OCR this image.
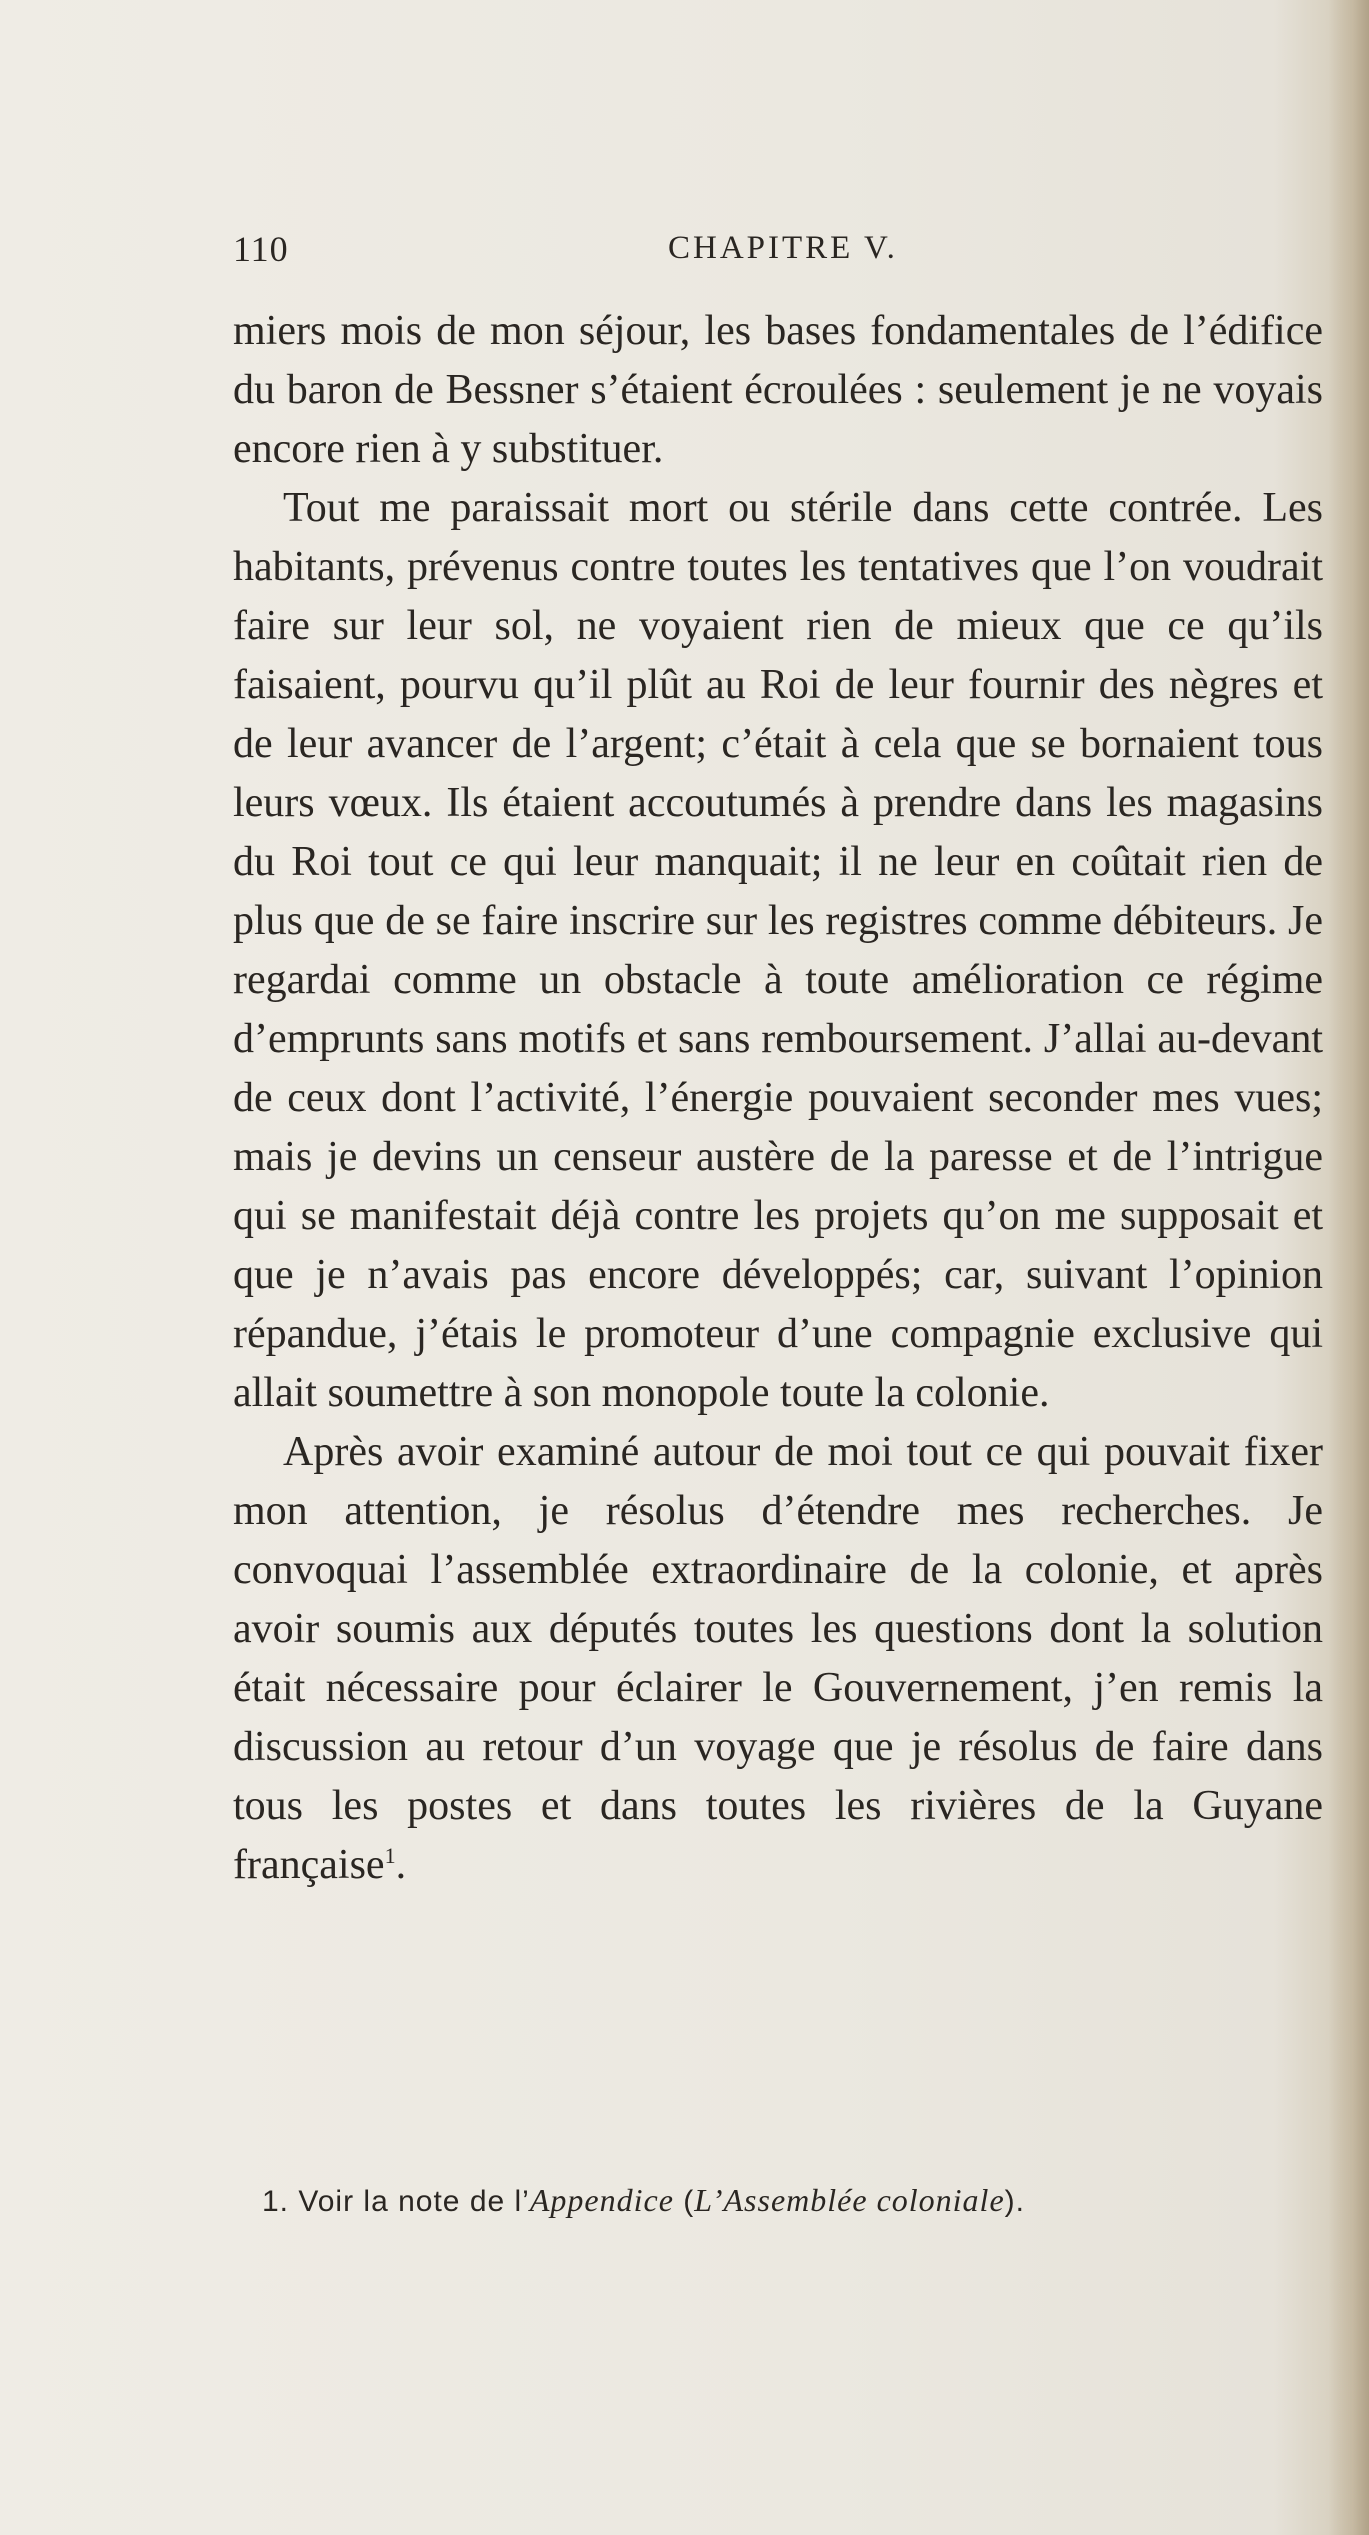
110	CHAPITRE V.

miers mois de mon séjour, les bases fondamentales de l’édifice du baron de Bessner s’étaient écroulées : seulement je ne voyais encore rien à y substituer.

Tout me paraissait mort ou stérile dans cette contrée. Les habitants, prévenus contre toutes les tentatives que l’on voudrait faire sur leur sol, ne voyaient rien de mieux que ce qu’ils faisaient, pourvu qu’il plût au Roi de leur fournir des nègres et de leur avancer de l’argent; c’était à cela que se bornaient tous leurs vœux. Ils étaient accoutumés à prendre dans les magasins du Roi tout ce qui leur manquait; il ne leur en coûtait rien de plus que de se faire inscrire sur les registres comme débiteurs. Je regardai comme un obstacle à toute amélioration ce régime d’emprunts sans motifs et sans remboursement. J’allai au-devant de ceux dont l’activité, l’énergie pouvaient seconder mes vues; mais je devins un censeur austère de la paresse et de l’intrigue qui se manifestait déjà contre les projets qu’on me supposait et que je n’avais pas encore développés; car, suivant l’opinion répandue, j’étais le promoteur d’une compagnie exclusive qui allait soumettre à son monopole toute la colonie.

Après avoir examiné autour de moi tout ce qui pouvait fixer mon attention, je résolus d’étendre mes recherches. Je convoquai l’assemblée extraordinaire de la colonie, et après avoir soumis aux députés toutes les questions dont la solution était nécessaire pour éclairer le Gouvernement, j’en remis la discussion au retour d’un voyage que je résolus de faire dans tous les postes et dans toutes les rivières de la Guyane française$^1$.

1. Voir la note de l’Appendice (L’Assemblée coloniale).
